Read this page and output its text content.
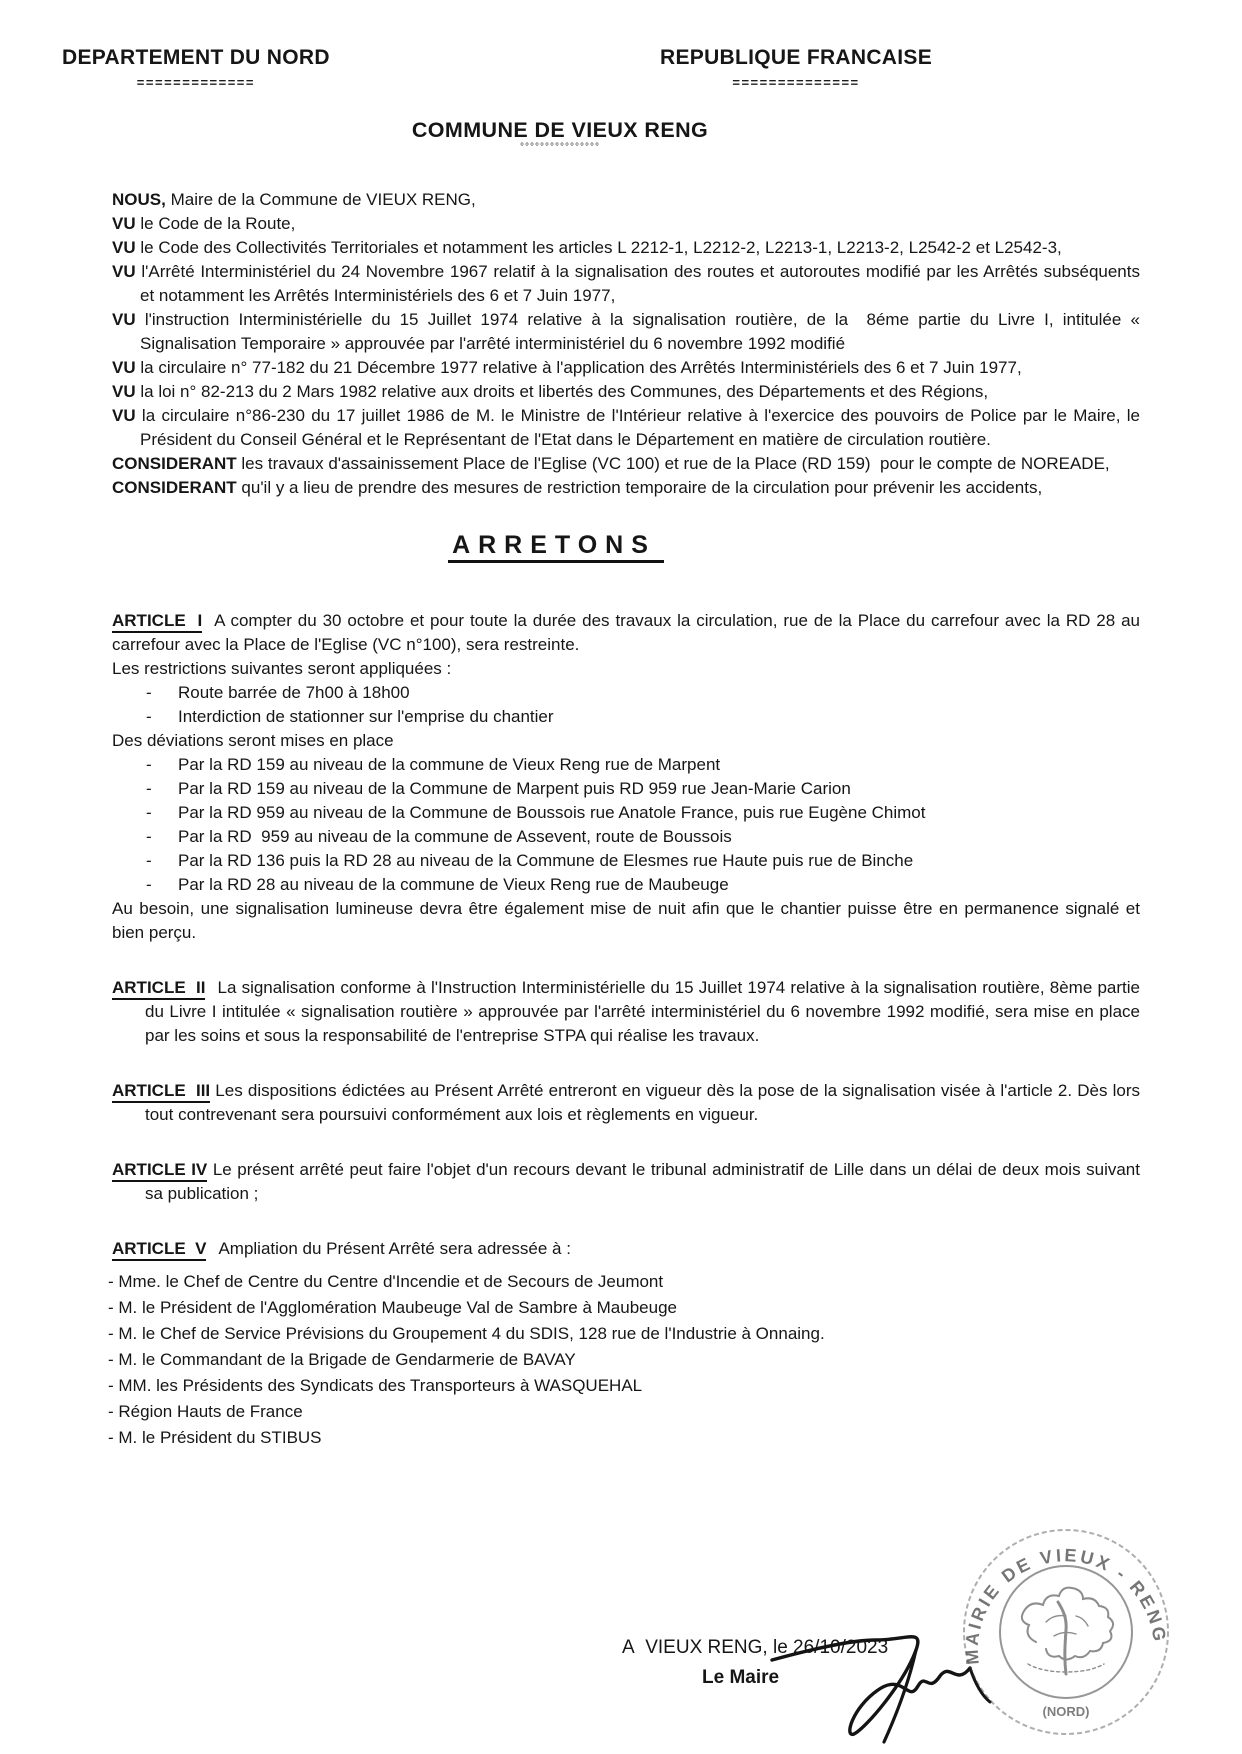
DEPARTEMENT DU NORD
=============
REPUBLIQUE FRANCAISE
==============
COMMUNE DE VIEUX RENG
°°°°°°°°°°°°°°°°

NOUS, Maire de la Commune de VIEUX RENG,

VU le Code de la Route,

VU le Code des Collectivités Territoriales et notamment les articles L 2212-1, L2212-2, L2213-1, L2213-2, L2542-2 et L2542-3,

VU l'Arrêté Interministériel du 24 Novembre 1967 relatif à la signalisation des routes et autoroutes modifié par les Arrêtés subséquents et notamment les Arrêtés Interministériels des 6 et 7 Juin 1977,

VU l'instruction Interministérielle du 15 Juillet 1974 relative à la signalisation routière, de la  8éme partie du Livre I, intitulée « Signalisation Temporaire » approuvée par l'arrêté interministériel du 6 novembre 1992 modifié

VU la circulaire n° 77-182 du 21 Décembre 1977 relative à l'application des Arrêtés Interministériels des 6 et 7 Juin 1977,

VU la loi n° 82-213 du 2 Mars 1982 relative aux droits et libertés des Communes, des Départements et des Régions,

VU la circulaire n°86-230 du 17 juillet 1986 de M. le Ministre de l'Intérieur relative à l'exercice des pouvoirs de Police par le Maire, le Président du Conseil Général et le Représentant de l'Etat dans le Département en matière de circulation routière.

CONSIDERANT les travaux d'assainissement Place de l'Eglise (VC 100) et rue de la Place (RD 159)  pour le compte de NOREADE,

CONSIDERANT qu'il y a lieu de prendre des mesures de restriction temporaire de la circulation pour prévenir les accidents,

ARRETONS

ARTICLE  I A compter du 30 octobre et pour toute la durée des travaux la circulation, rue de la Place du carrefour avec la RD 28 au carrefour avec la Place de l'Eglise (VC n°100), sera restreinte.

Les restrictions suivantes seront appliquées :

- Route barrée de 7h00 à 18h00
- Interdiction de stationner sur l'emprise du chantier

Des déviations seront mises en place

- Par la RD 159 au niveau de la commune de Vieux Reng rue de Marpent
- Par la RD 159 au niveau de la Commune de Marpent puis RD 959 rue Jean-Marie Carion
- Par la RD 959 au niveau de la Commune de Boussois rue Anatole France, puis rue Eugène Chimot
- Par la RD  959 au niveau de la commune de Assevent, route de Boussois
- Par la RD 136 puis la RD 28 au niveau de la Commune de Elesmes rue Haute puis rue de Binche
- Par la RD 28 au niveau de la commune de Vieux Reng rue de Maubeuge

Au besoin, une signalisation lumineuse devra être également mise de nuit afin que le chantier puisse être en permanence signalé et bien perçu.

ARTICLE  II La signalisation conforme à l'Instruction Interministérielle du 15 Juillet 1974 relative à la signalisation routière, 8ème partie du Livre I intitulée « signalisation routière » approuvée par l'arrêté interministériel du 6 novembre 1992 modifié, sera mise en place par les soins et sous la responsabilité de l'entreprise STPA qui réalise les travaux.

ARTICLE  III Les dispositions édictées au Présent Arrêté entreront en vigueur dès la pose de la signalisation visée à l'article 2. Dès lors tout contrevenant sera poursuivi conformément aux lois et règlements en vigueur.

ARTICLE IV Le présent arrêté peut faire l'objet d'un recours devant le tribunal administratif de Lille dans un délai de deux mois suivant sa publication ;

ARTICLE  V Ampliation du Présent Arrêté sera adressée à :

- Mme. le Chef de Centre du Centre d'Incendie et de Secours de Jeumont

- M. le Président de l'Agglomération Maubeuge Val de Sambre à Maubeuge

- M. le Chef de Service Prévisions du Groupement 4 du SDIS, 128 rue de l'Industrie à Onnaing.

- M. le Commandant de la Brigade de Gendarmerie de BAVAY

- MM. les Présidents des Syndicats des Transporteurs à WASQUEHAL

- Région Hauts de France

- M. le Président du STIBUS

A  VIEUX RENG, le 26/10/2023
Le Maire
MAIRIE DE VIEUX - RENG
(NORD)
